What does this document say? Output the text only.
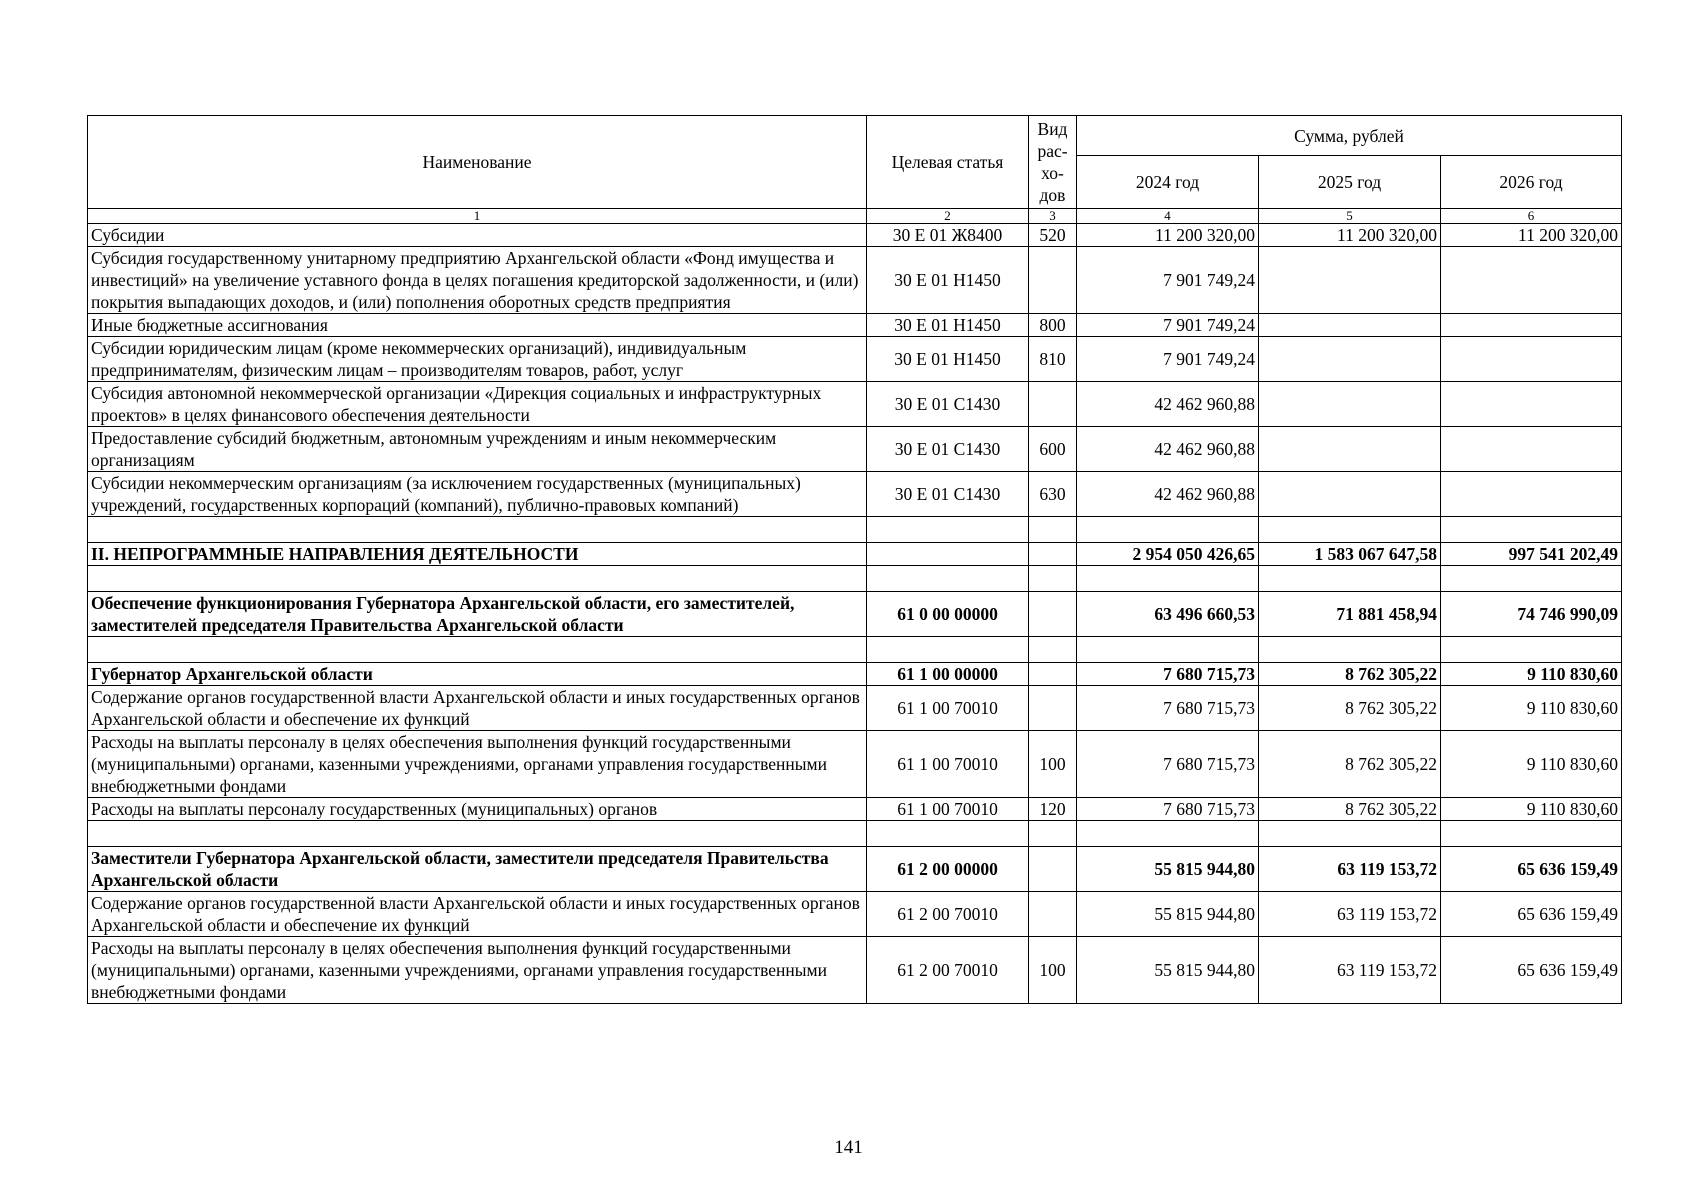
Наименование	Целевая статья	Вид рас-хо-дов	Сумма, рублей		
			2024 год	2025 год	2026 год
1	2	3	4	5	6
Субсидии	30 Е 01 Ж8400	520	11 200 320,00	11 200 320,00	11 200 320,00
Субсидия государственному унитарному предприятию Архангельской области «Фонд имущества и инвестиций» на увеличение уставного фонда в целях погашения кредиторской задолженности, и (или) покрытия выпадающих доходов, и (или) пополнения оборотных средств предприятия	30 Е 01 Н1450		7 901 749,24		
Иные бюджетные ассигнования	30 Е 01 Н1450	800	7 901 749,24		
Субсидии юридическим лицам (кроме некоммерческих организаций), индивидуальным предпринимателям, физическим лицам – производителям товаров, работ, услуг	30 Е 01 Н1450	810	7 901 749,24		
Субсидия автономной некоммерческой организации «Дирекция социальных и инфраструктурных проектов» в целях финансового обеспечения деятельности	30 Е 01 С1430		42 462 960,88		
Предоставление субсидий бюджетным, автономным учреждениям и иным некоммерческим организациям	30 Е 01 С1430	600	42 462 960,88		
Субсидии некоммерческим организациям (за исключением государственных (муниципальных) учреждений, государственных корпораций (компаний), публично-правовых компаний)	30 Е 01 С1430	630	42 462 960,88		

II. НЕПРОГРАММНЫЕ НАПРАВЛЕНИЯ ДЕЯТЕЛЬНОСТИ			2 954 050 426,65	1 583 067 647,58	997 541 202,49

Обеспечение функционирования Губернатора Архангельской области, его заместителей, заместителей председателя Правительства Архангельской области	61 0 00 00000		63 496 660,53	71 881 458,94	74 746 990,09

Губернатор Архангельской области	61 1 00 00000		7 680 715,73	8 762 305,22	9 110 830,60
Содержание органов государственной власти Архангельской области и иных государственных органов Архангельской области и обеспечение их функций	61 1 00 70010		7 680 715,73	8 762 305,22	9 110 830,60
Расходы на выплаты персоналу в целях обеспечения выполнения функций государственными (муниципальными) органами, казенными учреждениями, органами управления государственными внебюджетными фондами	61 1 00 70010	100	7 680 715,73	8 762 305,22	9 110 830,60
Расходы на выплаты персоналу государственных (муниципальных) органов	61 1 00 70010	120	7 680 715,73	8 762 305,22	9 110 830,60

Заместители Губернатора Архангельской области, заместители председателя Правительства Архангельской области	61 2 00 00000		55 815 944,80	63 119 153,72	65 636 159,49
Содержание органов государственной власти Архангельской области и иных государственных органов Архангельской области и обеспечение их функций	61 2 00 70010		55 815 944,80	63 119 153,72	65 636 159,49
Расходы на выплаты персоналу в целях обеспечения выполнения функций государственными (муниципальными) органами, казенными учреждениями, органами управления государственными внебюджетными фондами	61 2 00 70010	100	55 815 944,80	63 119 153,72	65 636 159,49
141
